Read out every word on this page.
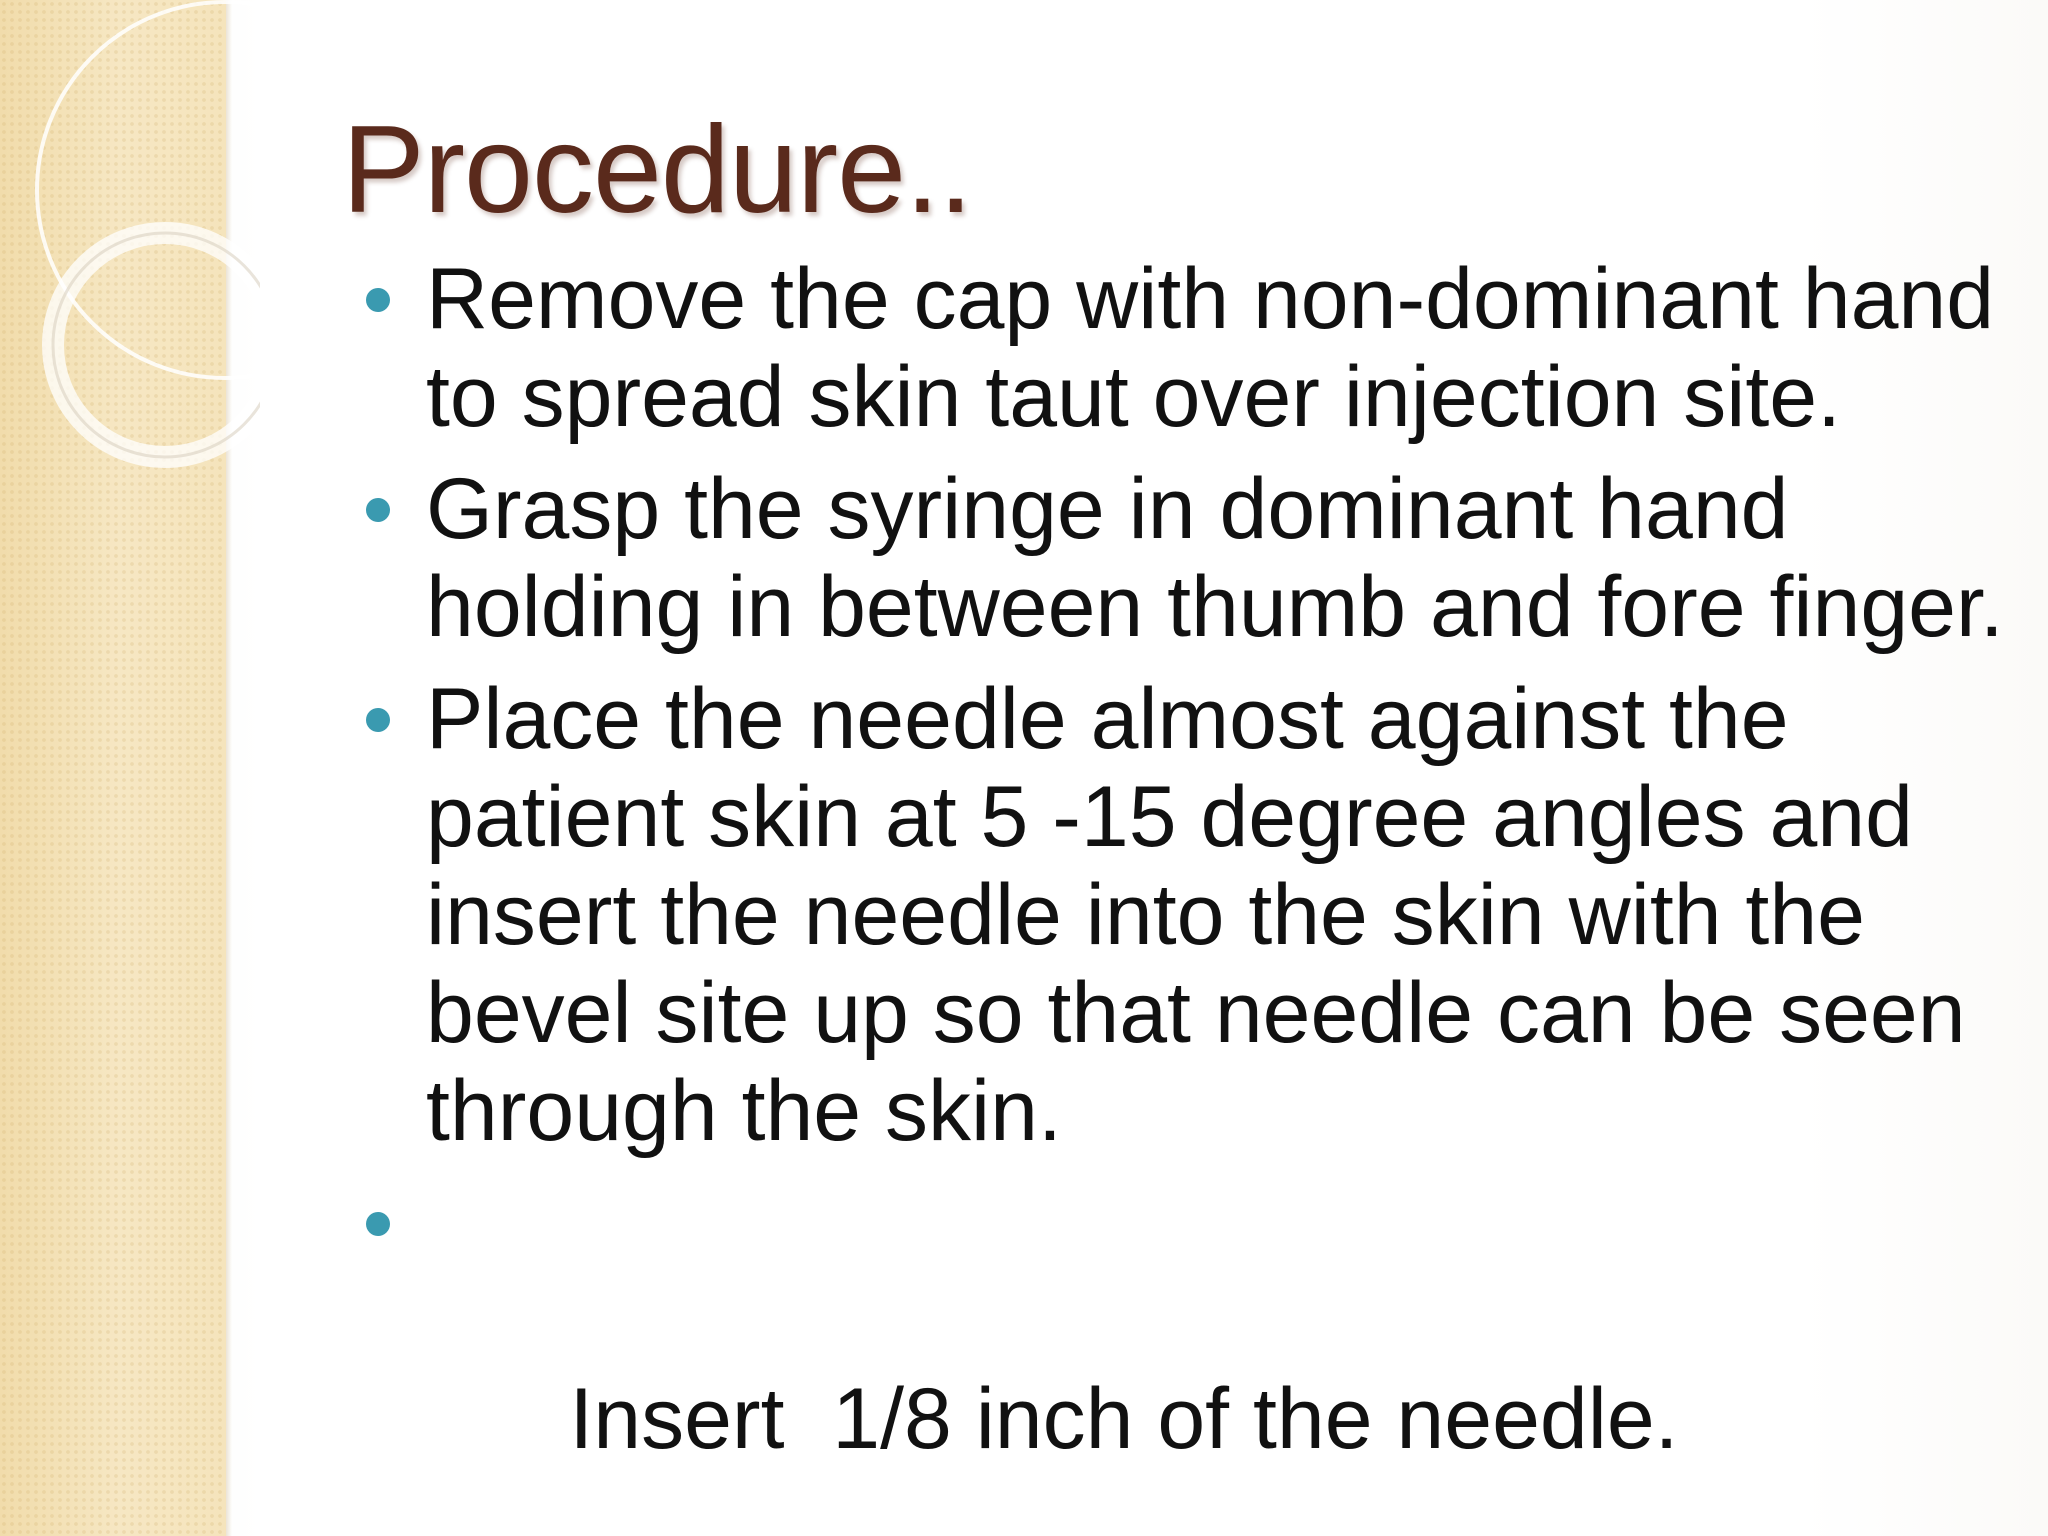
Procedure..
Remove the cap with non-dominant hand to spread skin taut over injection site.
Grasp the syringe in dominant hand holding in between thumb and fore finger.
Place the needle almost against the patient skin at 5 -15 degree angles and insert the needle into the skin with the bevel site up so that needle can be seen through the skin.

Insert  1/8 inch of the needle.
